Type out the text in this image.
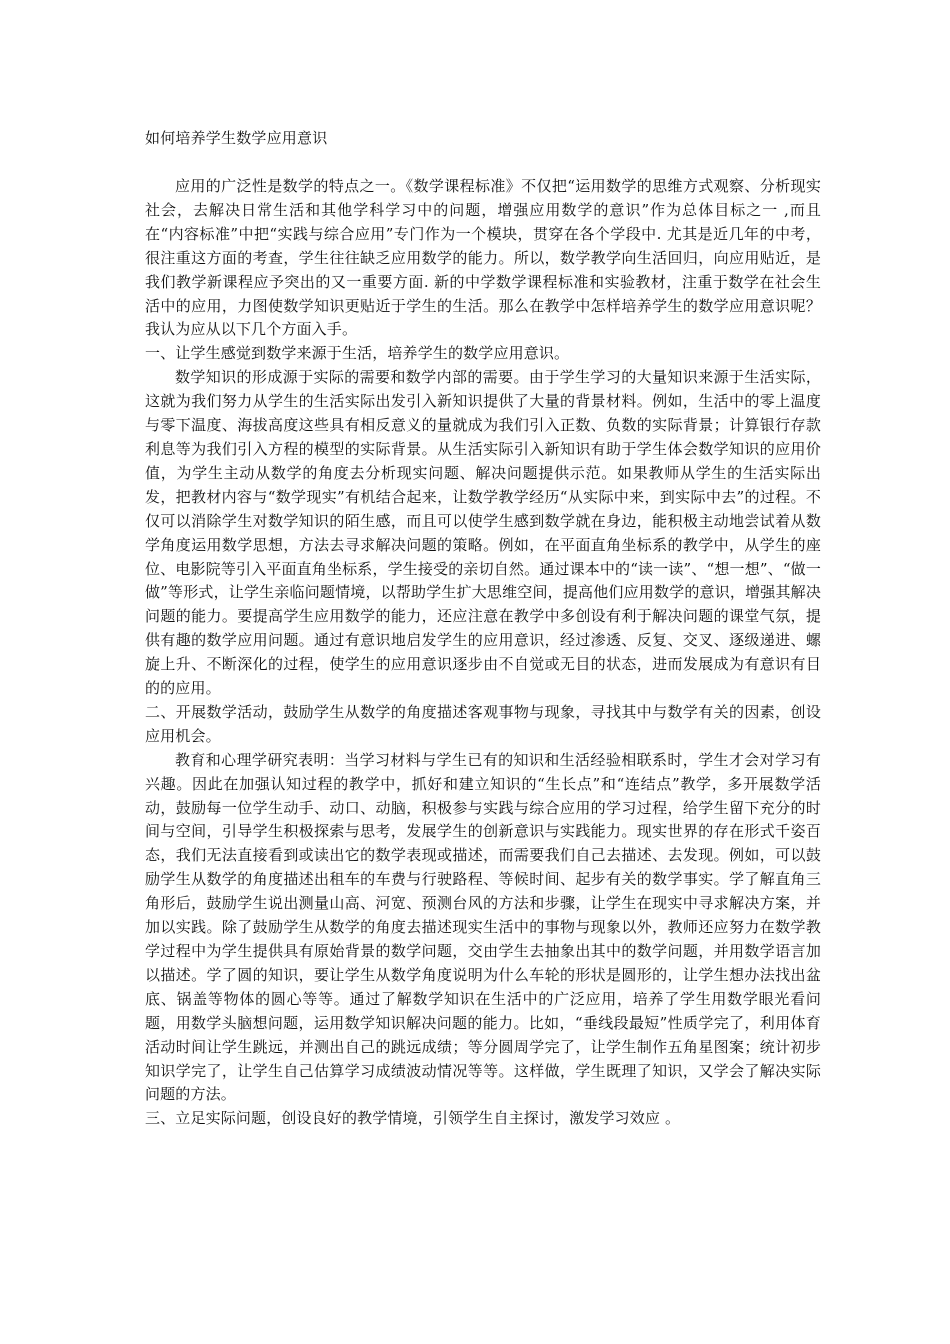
如何培养学生数学应用意识

应用的广泛性是数学的特点之一。《数学课程标准》不仅把“运用数学的思维方式观察、分析现实社会，去解决日常生活和其他学科学习中的问题，增强应用数学的意识”作为总体目标之一 ,而且在“内容标准”中把“实践与综合应用”专门作为一个模块，贯穿在各个学段中. 尤其是近几年的中考，很注重这方面的考查，学生往往缺乏应用数学的能力。所以，数学教学向生活回归，向应用贴近，是我们教学新课程应予突出的又一重要方面. 新的中学数学课程标准和实验教材，注重于数学在社会生活中的应用，力图使数学知识更贴近于学生的生活。那么在教学中怎样培养学生的数学应用意识呢？我认为应从以下几个方面入手。

一、让学生感觉到数学来源于生活，培养学生的数学应用意识。

数学知识的形成源于实际的需要和数学内部的需要。由于学生学习的大量知识来源于生活实际，这就为我们努力从学生的生活实际出发引入新知识提供了大量的背景材料。例如，生活中的零上温度与零下温度、海拔高度这些具有相反意义的量就成为我们引入正数、负数的实际背景；计算银行存款利息等为我们引入方程的模型的实际背景。从生活实际引入新知识有助于学生体会数学知识的应用价值，为学生主动从数学的角度去分析现实问题、解决问题提供示范。如果教师从学生的生活实际出发，把教材内容与“数学现实”有机结合起来，让数学教学经历“从实际中来，到实际中去”的过程。不仅可以消除学生对数学知识的陌生感，而且可以使学生感到数学就在身边，能积极主动地尝试着从数学角度运用数学思想，方法去寻求解决问题的策略。例如，在平面直角坐标系的教学中，从学生的座位、电影院等引入平面直角坐标系，学生接受的亲切自然。通过课本中的“读一读”、“想一想”、“做一做”等形式，让学生亲临问题情境，以帮助学生扩大思维空间，提高他们应用数学的意识，增强其解决问题的能力。要提高学生应用数学的能力，还应注意在教学中多创设有利于解决问题的课堂气氛，提供有趣的数学应用问题。通过有意识地启发学生的应用意识，经过渗透、反复、交叉、逐级递进、螺旋上升、不断深化的过程，使学生的应用意识逐步由不自觉或无目的状态，进而发展成为有意识有目的的应用。

二、开展数学活动，鼓励学生从数学的角度描述客观事物与现象，寻找其中与数学有关的因素，创设应用机会。

教育和心理学研究表明：当学习材料与学生已有的知识和生活经验相联系时，学生才会对学习有兴趣。因此在加强认知过程的教学中，抓好和建立知识的“生长点”和“连结点”教学，多开展数学活动，鼓励每一位学生动手、动口、动脑，积极参与实践与综合应用的学习过程，给学生留下充分的时间与空间，引导学生积极探索与思考，发展学生的创新意识与实践能力。现实世界的存在形式千姿百态，我们无法直接看到或读出它的数学表现或描述，而需要我们自己去描述、去发现。例如，可以鼓励学生从数学的角度描述出租车的车费与行驶路程、等候时间、起步有关的数学事实。学了解直角三角形后，鼓励学生说出测量山高、河宽、预测台风的方法和步骤，让学生在现实中寻求解决方案，并加以实践。除了鼓励学生从数学的角度去描述现实生活中的事物与现象以外，教师还应努力在数学教学过程中为学生提供具有原始背景的数学问题，交由学生去抽象出其中的数学问题，并用数学语言加以描述。学了圆的知识，要让学生从数学角度说明为什么车轮的形状是圆形的，让学生想办法找出盆底、锅盖等物体的圆心等等。通过了解数学知识在生活中的广泛应用，培养了学生用数学眼光看问题，用数学头脑想问题，运用数学知识解决问题的能力。比如，“垂线段最短”性质学完了，利用体育活动时间让学生跳远，并测出自己的跳远成绩；等分圆周学完了，让学生制作五角星图案；统计初步知识学完了，让学生自己估算学习成绩波动情况等等。这样做，学生既理了知识，又学会了解决实际问题的方法。

三、立足实际问题，创设良好的教学情境，引领学生自主探讨，激发学习效应 。
